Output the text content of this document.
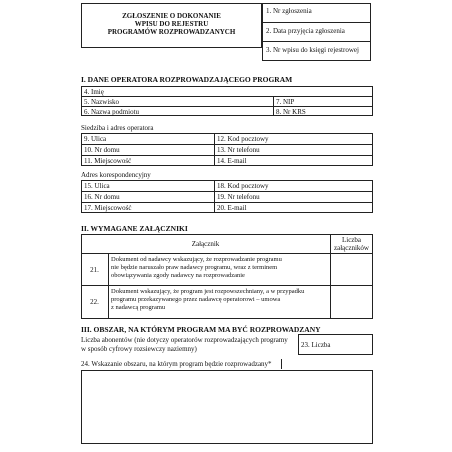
ZGŁOSZENIE O DOKONANIE
WPISU DO REJESTRU
PROGRAMÓW ROZPROWADZANYCH
1. Nr zgłoszenia
2. Data przyjęcia zgłoszenia
3. Nr wpisu do księgi rejestrowej
I. DANE OPERATORA ROZPROWADZAJĄCEGO PROGRAM
4. Imię
5. Nazwisko
6. Nazwa podmiotu
7. NIP
8. Nr KRS
Siedziba i adres operatora
9. Ulica
10. Nr domu
11. Miejscowość
12. Kod pocztowy
13. Nr telefonu
14. E-mail
Adres korespondencyjny
15. Ulica
16. Nr domu
17. Miejscowość
18. Kod pocztowy
19. Nr telefonu
20. E-mail
II. WYMAGANE ZAŁĄCZNIKI
Załącznik	Liczba
załączników
21.
Dokument od nadawcy wskazujący, że rozprowadzanie programu
nie będzie naruszało praw nadawcy programu, wraz z terminem
obowiązywania zgody nadawcy na rozprowadzanie
22.
Dokument wskazujący, że program jest rozpowszechniany, a w przypadku
programu przekazywanego przez nadawcę operatorowi – umowa
z nadawcą programu
III. OBSZAR, NA KTÓRYM PROGRAM MA BYĆ ROZPROWADZANY
Liczba abonentów (nie dotyczy operatorów rozprowadzających programy
w sposób cyfrowy rozsiewczy naziemny)	23. Liczba
24. Wskazanie obszaru, na którym program będzie rozprowadzany*
